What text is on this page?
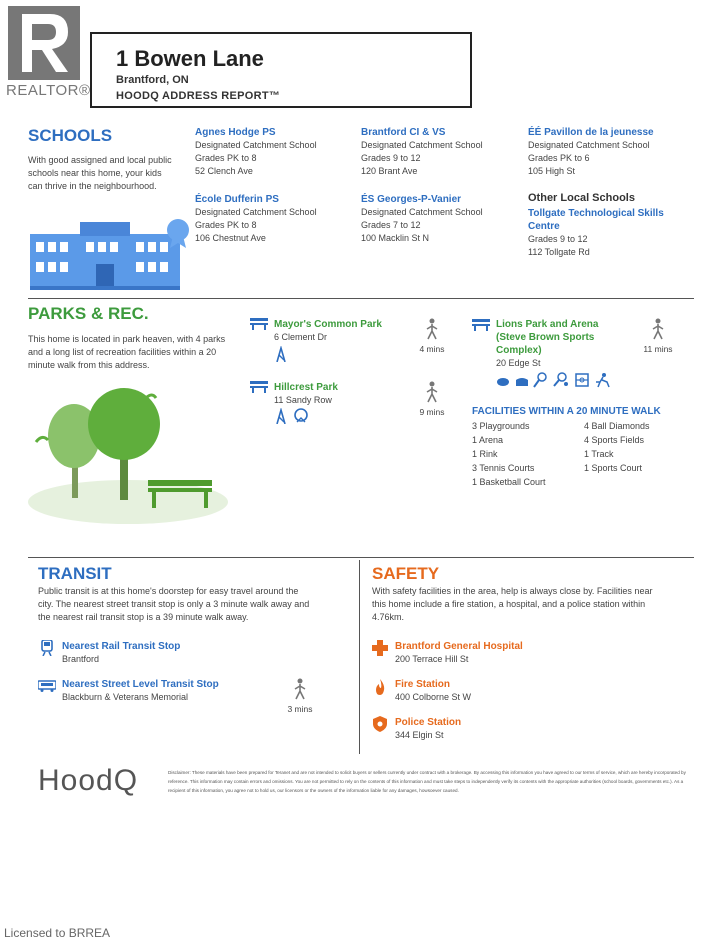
REALTOR®
1 Bowen Lane
Brantford, ON
HOODQ ADDRESS REPORT™
SCHOOLS
With good assigned and local public
schools near this home, your kids
can thrive in the neighbourhood.
Agnes Hodge PS
Designated Catchment School
Grades PK to 8
52 Clench Ave
École Dufferin PS
Designated Catchment School
Grades PK to 8
106 Chestnut Ave
Brantford CI & VS
Designated Catchment School
Grades 9 to 12
120 Brant Ave
ÉS Georges-P-Vanier
Designated Catchment School
Grades 7 to 12
100 Macklin St N
ÉÉ Pavillon de la jeunesse
Designated Catchment School
Grades PK to 6
105 High St
Other Local Schools
Tollgate Technological Skills
Centre
Grades 9 to 12
112 Tollgate Rd
PARKS & REC.
This home is located in park heaven, with 4 parks
and a long list of recreation facilities within a 20
minute walk from this address.
Mayor's Common Park
6 Clement Dr
4 mins
Hillcrest Park
11 Sandy Row
9 mins
Lions Park and Arena
(Steve Brown Sports
Complex)
20 Edge St
11 mins
FACILITIES WITHIN A 20 MINUTE WALK
3 Playgrounds
1 Arena
1 Rink
3 Tennis Courts
1 Basketball Court
4 Ball Diamonds
4 Sports Fields
1 Track
1 Sports Court
TRANSIT
Public transit is at this home's doorstep for easy travel around the
city. The nearest street transit stop is only a 3 minute walk away and
the nearest rail transit stop is a 39 minute walk away.
Nearest Rail Transit Stop
Brantford
Nearest Street Level Transit Stop
Blackburn & Veterans Memorial
3 mins
SAFETY
With safety facilities in the area, help is always close by. Facilities near
this home include a fire station, a hospital, and a police station within
4.76km.
Brantford General Hospital
200 Terrace Hill St
Fire Station
400 Colborne St W
Police Station
344 Elgin St
HoodQ	Disclaimer: These materials have been prepared for Teranet and are not intended to solicit buyers or sellers currently under contract with a brokerage. By accessing this information you have agreed to our terms of service, which are hereby incorporated by reference. This information may contain errors and omissions. You are not permitted to rely on the contents of this information and must take steps to independently verify its contents with the appropriate authorities (school boards, governments etc.). As a recipient of this information, you agree not to hold us, our licensors or the owners of the information liable for any damages, howsoever caused.
Licensed to BRREA
